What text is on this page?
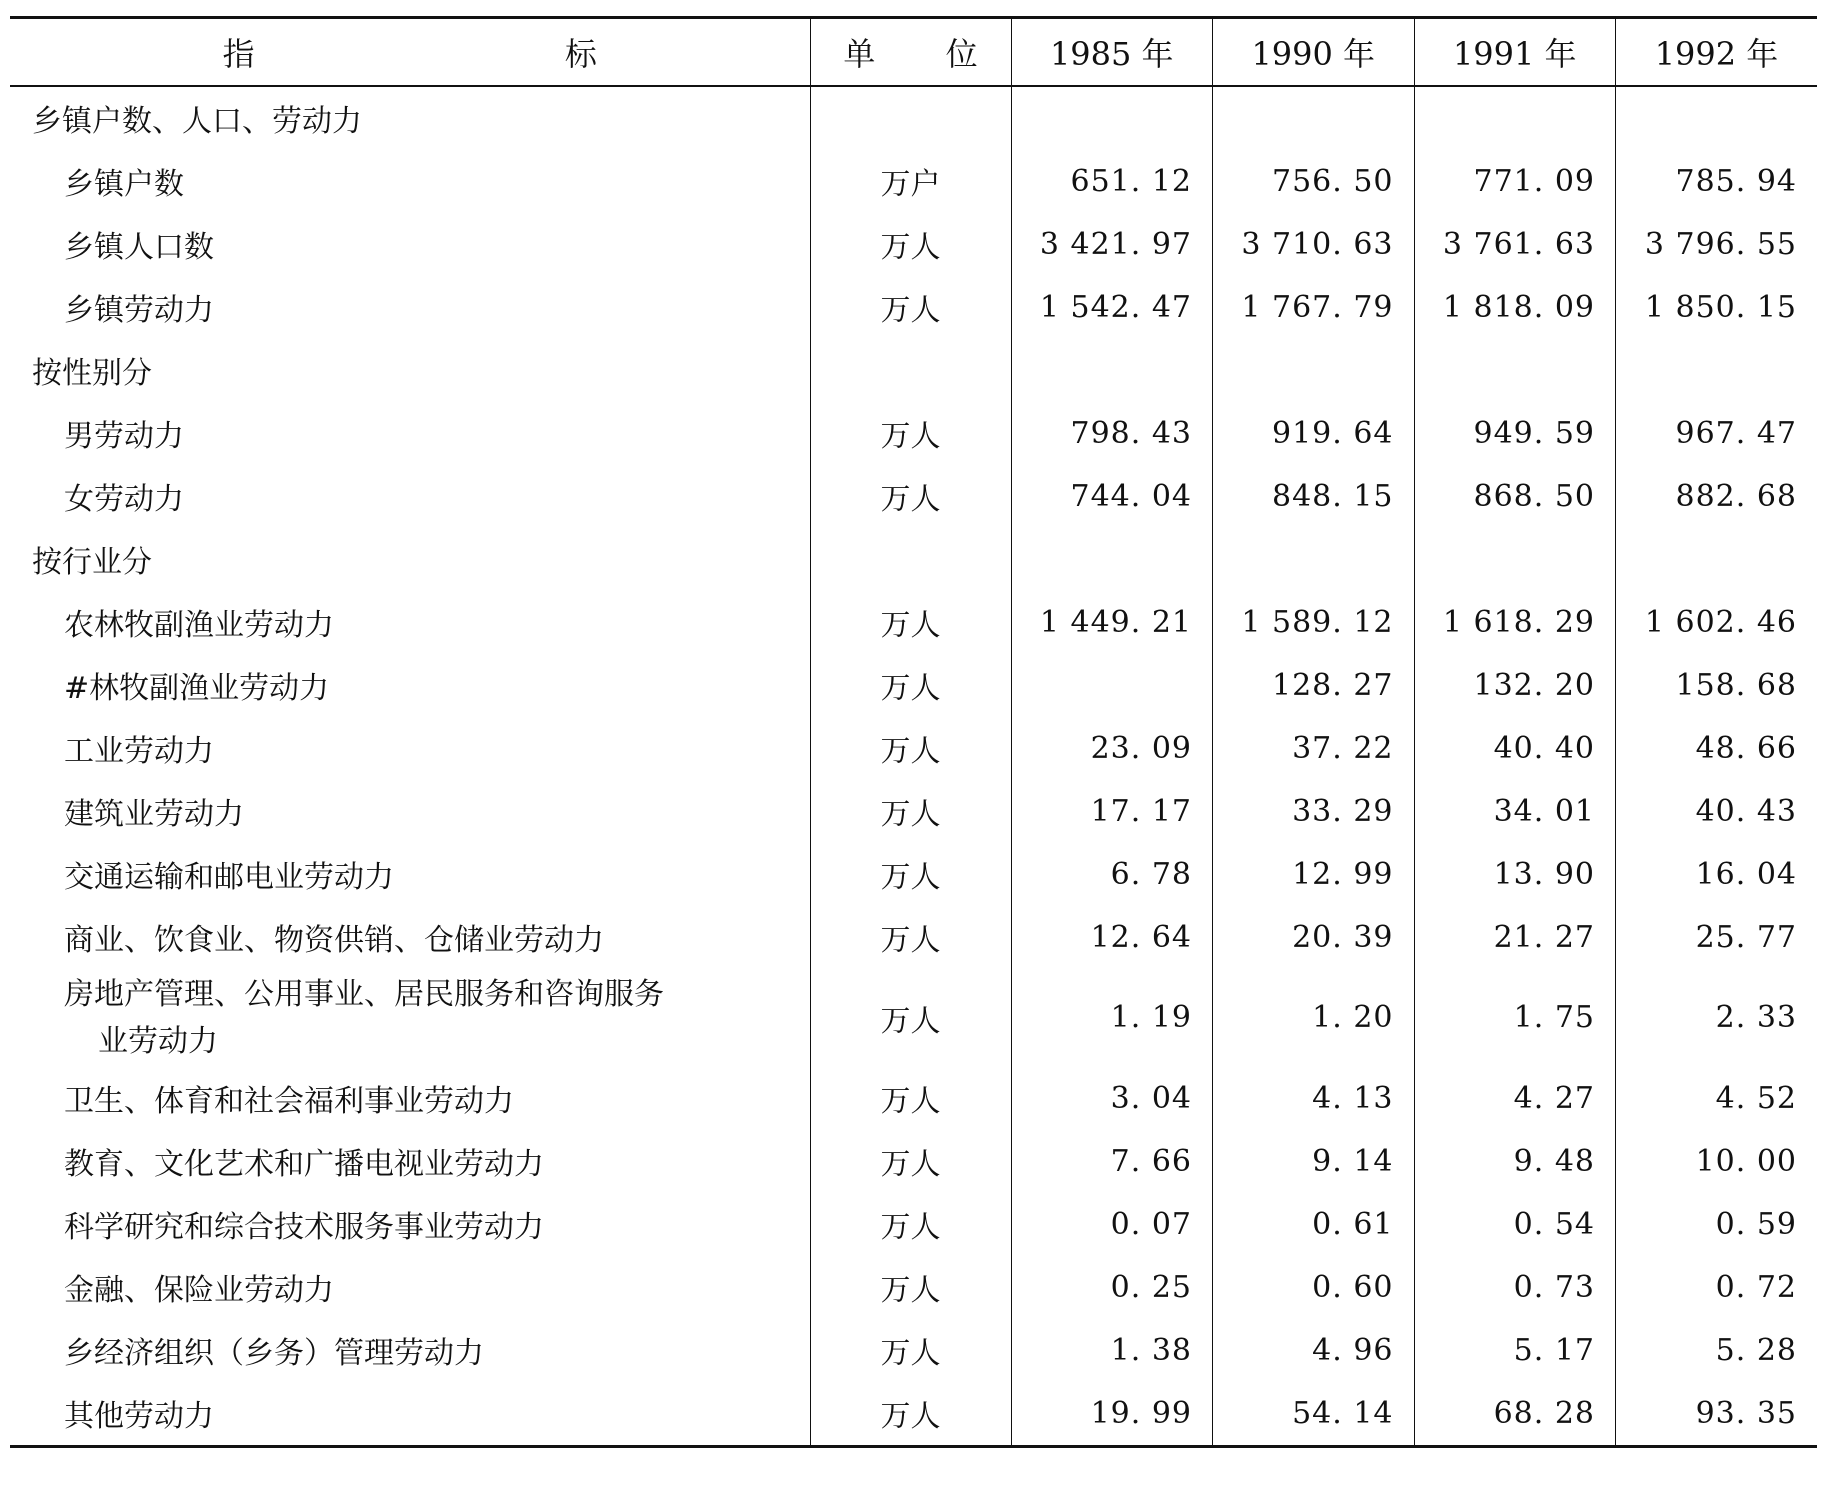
指 标	单 位	1985 年	1990 年	1991 年	1992 年
乡镇户数、人口、劳动力					
乡镇户数	万户	651. 12	756. 50	771. 09	785. 94
乡镇人口数	万人	3 421. 97	3 710. 63	3 761. 63	3 796. 55
乡镇劳动力	万人	1 542. 47	1 767. 79	1 818. 09	1 850. 15
按性别分					
男劳动力	万人	798. 43	919. 64	949. 59	967. 47
女劳动力	万人	744. 04	848. 15	868. 50	882. 68
按行业分					
农林牧副渔业劳动力	万人	1 449. 21	1 589. 12	1 618. 29	1 602. 46
#林牧副渔业劳动力	万人		128. 27	132. 20	158. 68
工业劳动力	万人	23. 09	37. 22	40. 40	48. 66
建筑业劳动力	万人	17. 17	33. 29	34. 01	40. 43
交通运输和邮电业劳动力	万人	6. 78	12. 99	13. 90	16. 04
商业、饮食业、物资供销、仓储业劳动力	万人	12. 64	20. 39	21. 27	25. 77
房地产管理、公用事业、居民服务和咨询服务
业劳动力	万人	1. 19	1. 20	1. 75	2. 33
卫生、体育和社会福利事业劳动力	万人	3. 04	4. 13	4. 27	4. 52
教育、文化艺术和广播电视业劳动力	万人	7. 66	9. 14	9. 48	10. 00
科学研究和综合技术服务事业劳动力	万人	0. 07	0. 61	0. 54	0. 59
金融、保险业劳动力	万人	0. 25	0. 60	0. 73	0. 72
乡经济组织（乡务）管理劳动力	万人	1. 38	4. 96	5. 17	5. 28
其他劳动力	万人	19. 99	54. 14	68. 28	93. 35
